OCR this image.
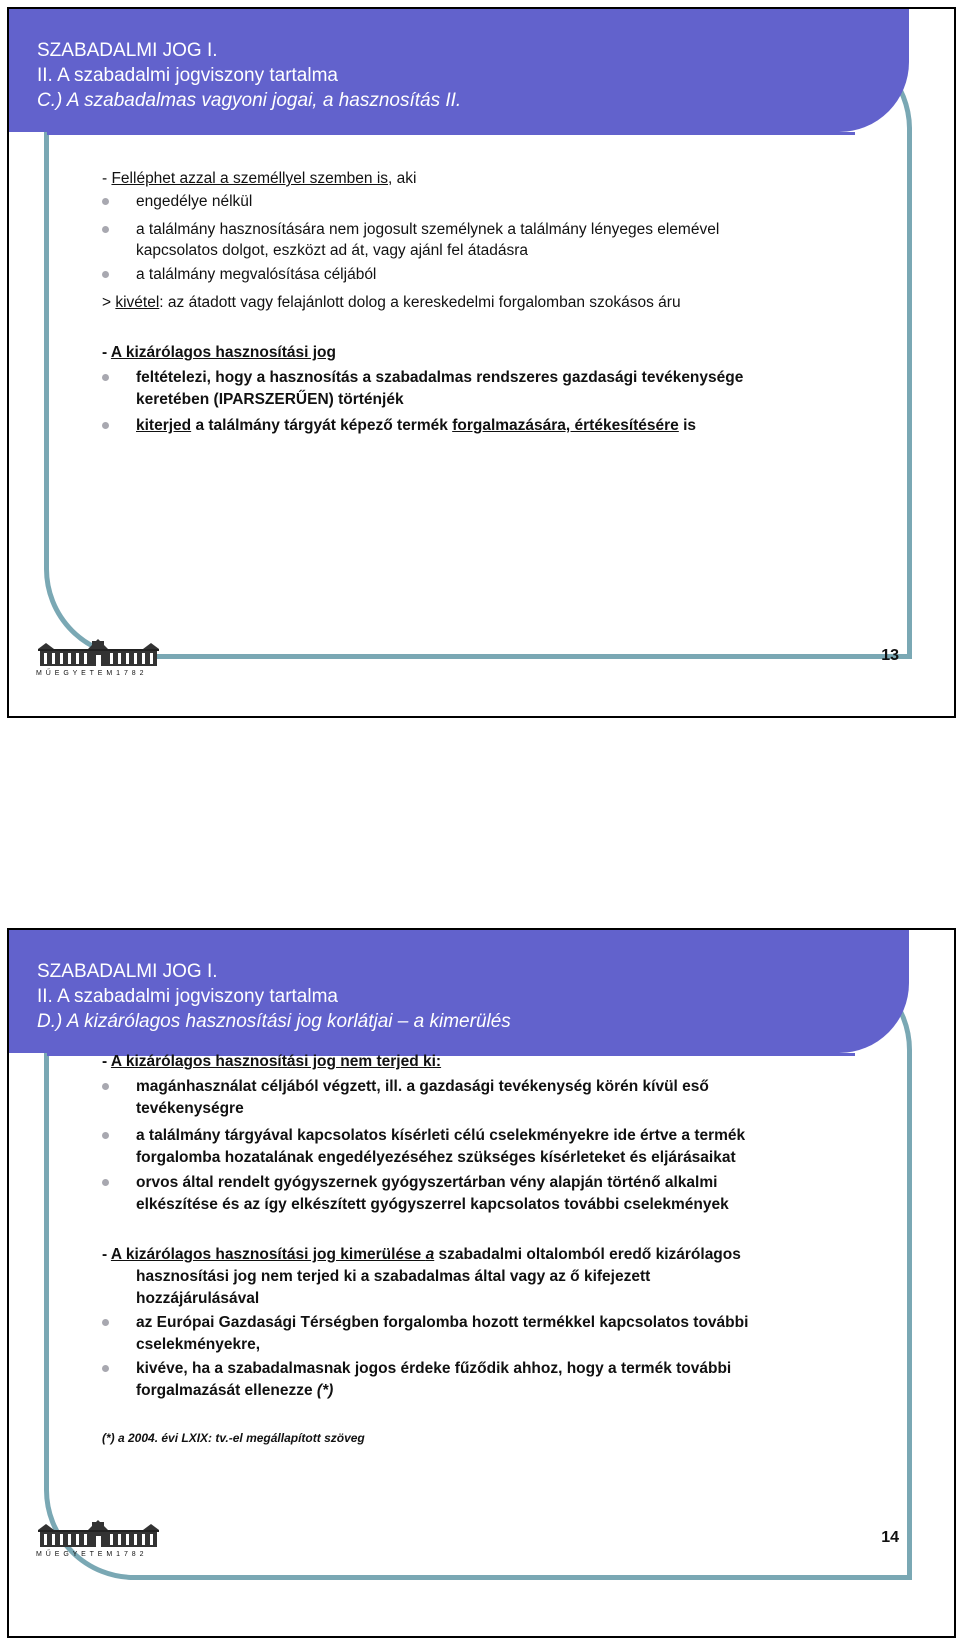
SZABADALMI JOG I.
II. A szabadalmi jogviszony tartalma
C.) A szabadalmas vagyoni jogai, a hasznosítás II.
- Felléphet azzal a személlyel szemben is, aki
engedélye nélkül
a találmány hasznosítására nem jogosult személynek a találmány lényeges elemével
kapcsolatos dolgot, eszközt ad át, vagy ajánl fel átadásra
a találmány megvalósítása céljából
> kivétel: az átadott vagy felajánlott dolog a kereskedelmi forgalomban szokásos áru
- A kizárólagos hasznosítási jog
feltételezi, hogy a hasznosítás a szabadalmas rendszeres gazdasági tevékenysége
keretében (IPARSZERŰEN) történjék
kiterjed a találmány tárgyát képező termék forgalmazására, értékesítésére is
M Ű E G Y E T E M 1 7 8 2
13
SZABADALMI JOG I.
II. A szabadalmi jogviszony tartalma
D.) A kizárólagos hasznosítási jog korlátjai – a kimerülés
- A kizárólagos hasznosítási jog nem terjed ki:
magánhasználat céljából végzett, ill. a gazdasági tevékenység körén kívül eső
tevékenységre
a találmány tárgyával kapcsolatos kísérleti célú cselekményekre ide értve a termék
forgalomba hozatalának engedélyezéséhez szükséges kísérleteket és eljárásaikat
orvos által rendelt gyógyszernek gyógyszertárban vény alapján történő alkalmi
elkészítése és az így elkészített gyógyszerrel kapcsolatos további cselekmények
- A kizárólagos hasznosítási jog kimerülése a szabadalmi oltalomból eredő kizárólagos
hasznosítási jog nem terjed ki a szabadalmas által vagy az ő kifejezett
hozzájárulásával
az Európai Gazdasági Térségben forgalomba hozott termékkel kapcsolatos további
cselekményekre,
kivéve, ha a szabadalmasnak jogos érdeke fűződik ahhoz, hogy a termék további
forgalmazását ellenezze (*)
(*) a 2004. évi LXIX: tv.-el megállapított szöveg
M Ű E G Y E T E M 1 7 8 2
14
